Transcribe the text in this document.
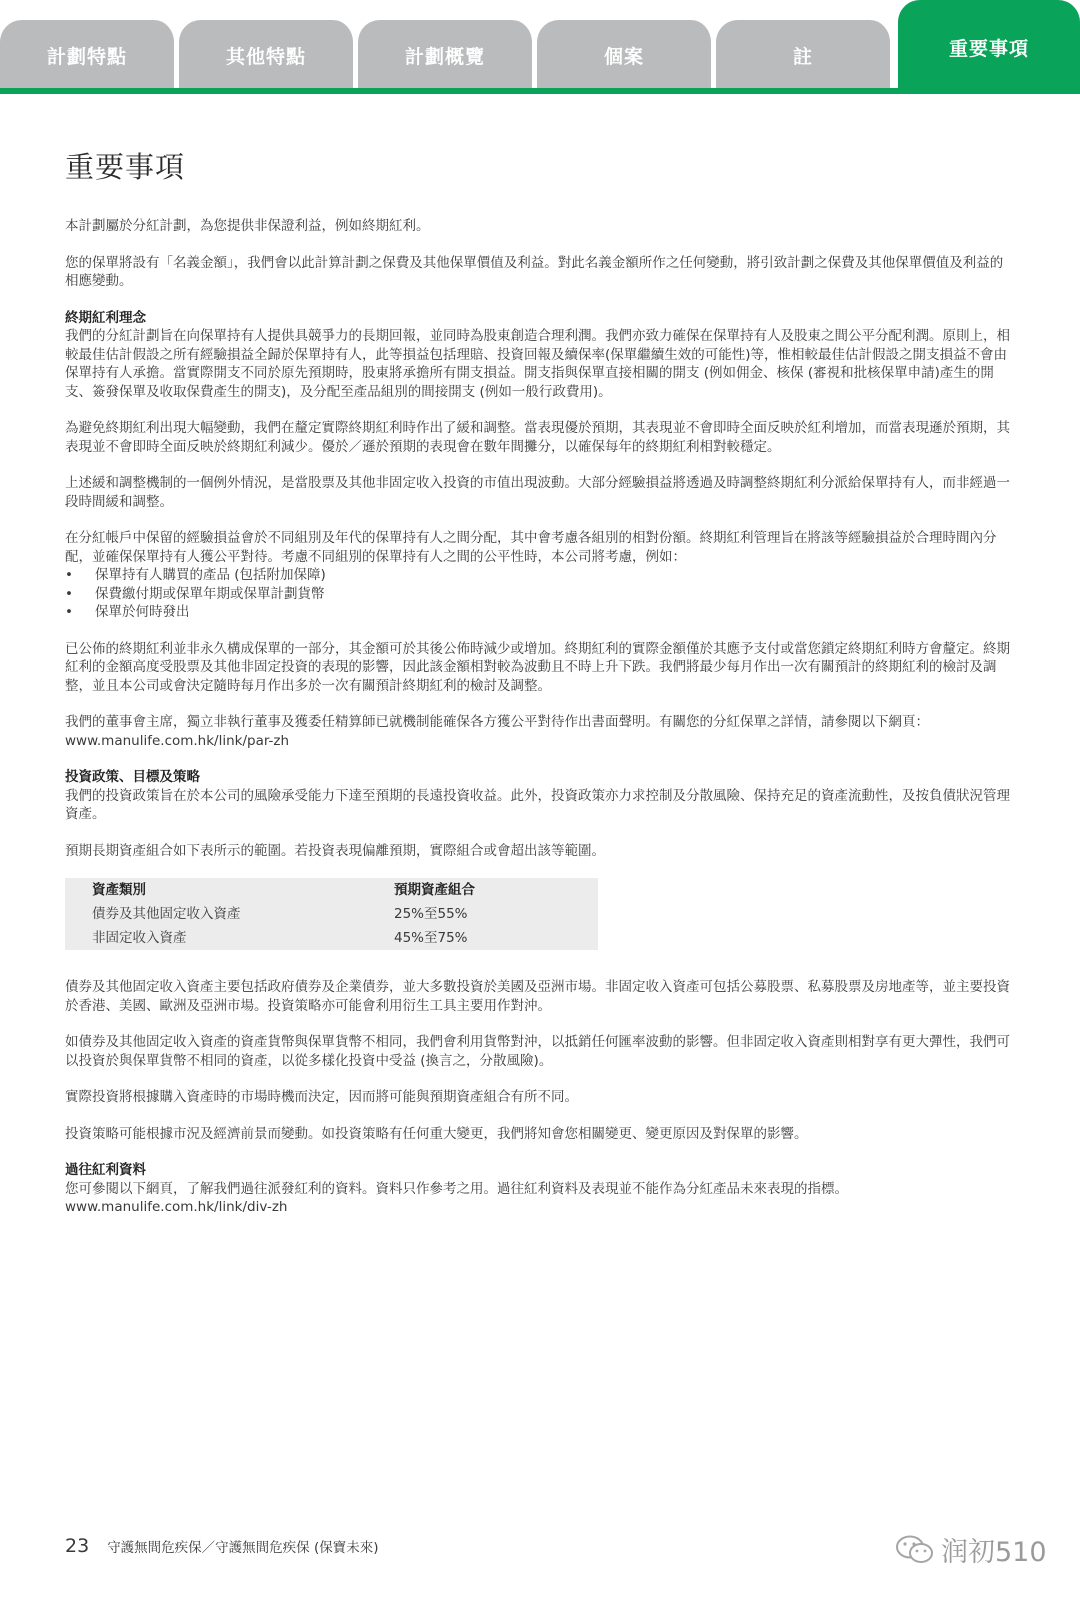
計劃特點	其他特點	計劃概覽	個案	註	重要事項
重要事項

本計劃屬於分紅計劃，為您提供非保證利益，例如終期紅利。

您的保單將設有「名義金額」，我們會以此計算計劃之保費及其他保單價值及利益。對此名義金額所作之任何變動，將引致計劃之保費及其他保單價值及利益的相應變動。

終期紅利理念

我們的分紅計劃旨在向保單持有人提供具競爭力的長期回報，並同時為股東創造合理利潤。我們亦致力確保在保單持有人及股東之間公平分配利潤。原則上，相較最佳估計假設之所有經驗損益全歸於保單持有人，此等損益包括理賠、投資回報及續保率(保單繼續生效的可能性)等，惟相較最佳估計假設之開支損益不會由保單持有人承擔。當實際開支不同於原先預期時，股東將承擔所有開支損益。開支指與保單直接相關的開支 (例如佣金、核保 (審視和批核保單申請)產生的開支、簽發保單及收取保費產生的開支)，及分配至產品組別的間接開支 (例如一般行政費用)。

為避免終期紅利出現大幅變動，我們在釐定實際終期紅利時作出了緩和調整。當表現優於預期，其表現並不會即時全面反映於紅利增加，而當表現遜於預期，其表現並不會即時全面反映於終期紅利減少。優於／遜於預期的表現會在數年間攤分，以確保每年的終期紅利相對較穩定。

上述緩和調整機制的一個例外情況，是當股票及其他非固定收入投資的市值出現波動。大部分經驗損益將透過及時調整終期紅利分派給保單持有人，而非經過一段時間緩和調整。

在分紅帳戶中保留的經驗損益會於不同組別及年代的保單持有人之間分配，其中會考慮各組別的相對份額。終期紅利管理旨在將該等經驗損益於合理時間內分配，並確保保單持有人獲公平對待。考慮不同組別的保單持有人之間的公平性時，本公司將考慮，例如：

• 保單持有人購買的產品 (包括附加保障)
• 保費繳付期或保單年期或保單計劃貨幣
• 保單於何時發出

已公佈的終期紅利並非永久構成保單的一部分，其金額可於其後公佈時減少或增加。終期紅利的實際金額僅於其應予支付或當您鎖定終期紅利時方會釐定。終期紅利的金額高度受股票及其他非固定投資的表現的影響，因此該金額相對較為波動且不時上升下跌。我們將最少每月作出一次有關預計的終期紅利的檢討及調整，並且本公司或會決定隨時每月作出多於一次有關預計終期紅利的檢討及調整。

我們的董事會主席，獨立非執行董事及獲委任精算師已就機制能確保各方獲公平對待作出書面聲明。有關您的分紅保單之詳情，請參閱以下網頁：www.manulife.com.hk/link/par-zh

投資政策、目標及策略

我們的投資政策旨在於本公司的風險承受能力下達至預期的長遠投資收益。此外，投資政策亦力求控制及分散風險、保持充足的資產流動性，及按負債狀況管理資產。

預期長期資產組合如下表所示的範圍。若投資表現偏離預期，實際組合或會超出該等範圍。

資產類別	預期資產組合
債券及其他固定收入資產	25%至55%
非固定收入資產	45%至75%

債券及其他固定收入資產主要包括政府債券及企業債券，並大多數投資於美國及亞洲市場。非固定收入資產可包括公募股票、私募股票及房地產等，並主要投資於香港、美國、歐洲及亞洲市場。投資策略亦可能會利用衍生工具主要用作對沖。

如債券及其他固定收入資產的資產貨幣與保單貨幣不相同，我們會利用貨幣對沖，以抵銷任何匯率波動的影響。但非固定收入資產則相對享有更大彈性，我們可以投資於與保單貨幣不相同的資產，以從多樣化投資中受益 (換言之，分散風險)。

實際投資將根據購入資產時的市場時機而決定，因而將可能與預期資產組合有所不同。

投資策略可能根據市況及經濟前景而變動。如投資策略有任何重大變更，我們將知會您相關變更、變更原因及對保單的影響。

過往紅利資料
您可參閱以下網頁，了解我們過往派發紅利的資料。資料只作參考之用。過往紅利資料及表現並不能作為分紅產品未來表現的指標。
www.manulife.com.hk/link/div-zh
23 守護無間危疾保／守護無間危疾保 (保寶未來)	润初510
